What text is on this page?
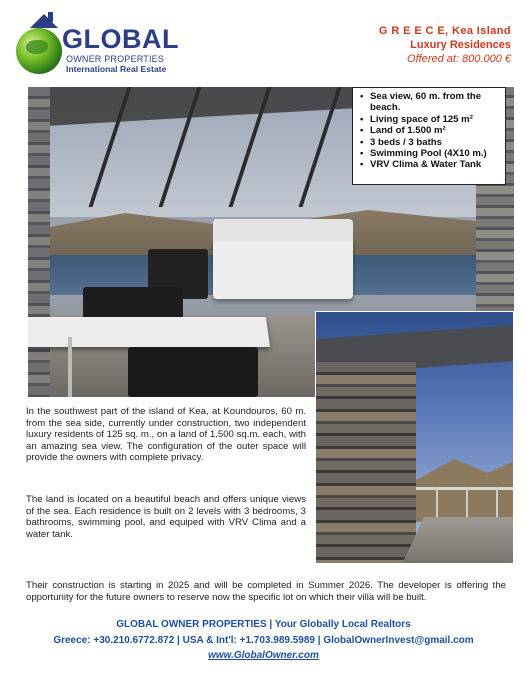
GLOBAL
OWNER PROPERTIES
International Real Estate
G R E E C E, Kea Island
Luxury Residences
Offered at: 800.000 €
• Sea view, 60 m. from the beach.
• Living space of 125 m²
• Land of 1.500 m²
• 3 beds / 3 baths
• Swimming Pool (4X10 m.)
• VRV Clima & Water Tank

In the southwest part of the island of Kea, at Koundouros, 60 m. from the sea side, currently under construction, two independent luxury residents of 125 sq. m., on a land of 1.500 sq.m. each, with an amazing sea view. The configuration of the outer space will provide the owners with complete privacy.

The land is located on a beautiful beach and offers unique views of the sea. Each residence is built on 2 levels with 3 bedrooms, 3 bathrooms, swimming pool, and equiped with VRV Clima and a water tank.

Their construction is starting in 2025 and will be completed in Summer 2026. The developer is offering the opportunity for the future owners to reserve now the specific lot on which their villa will be built.

GLOBAL OWNER PROPERTIES | Your Globally Local Realtors
Greece: +30.210.6772.872 | USA & Int'l: +1.703.989.5989 | GlobalOwnerInvest@gmail.com
www.GlobalOwner.com
